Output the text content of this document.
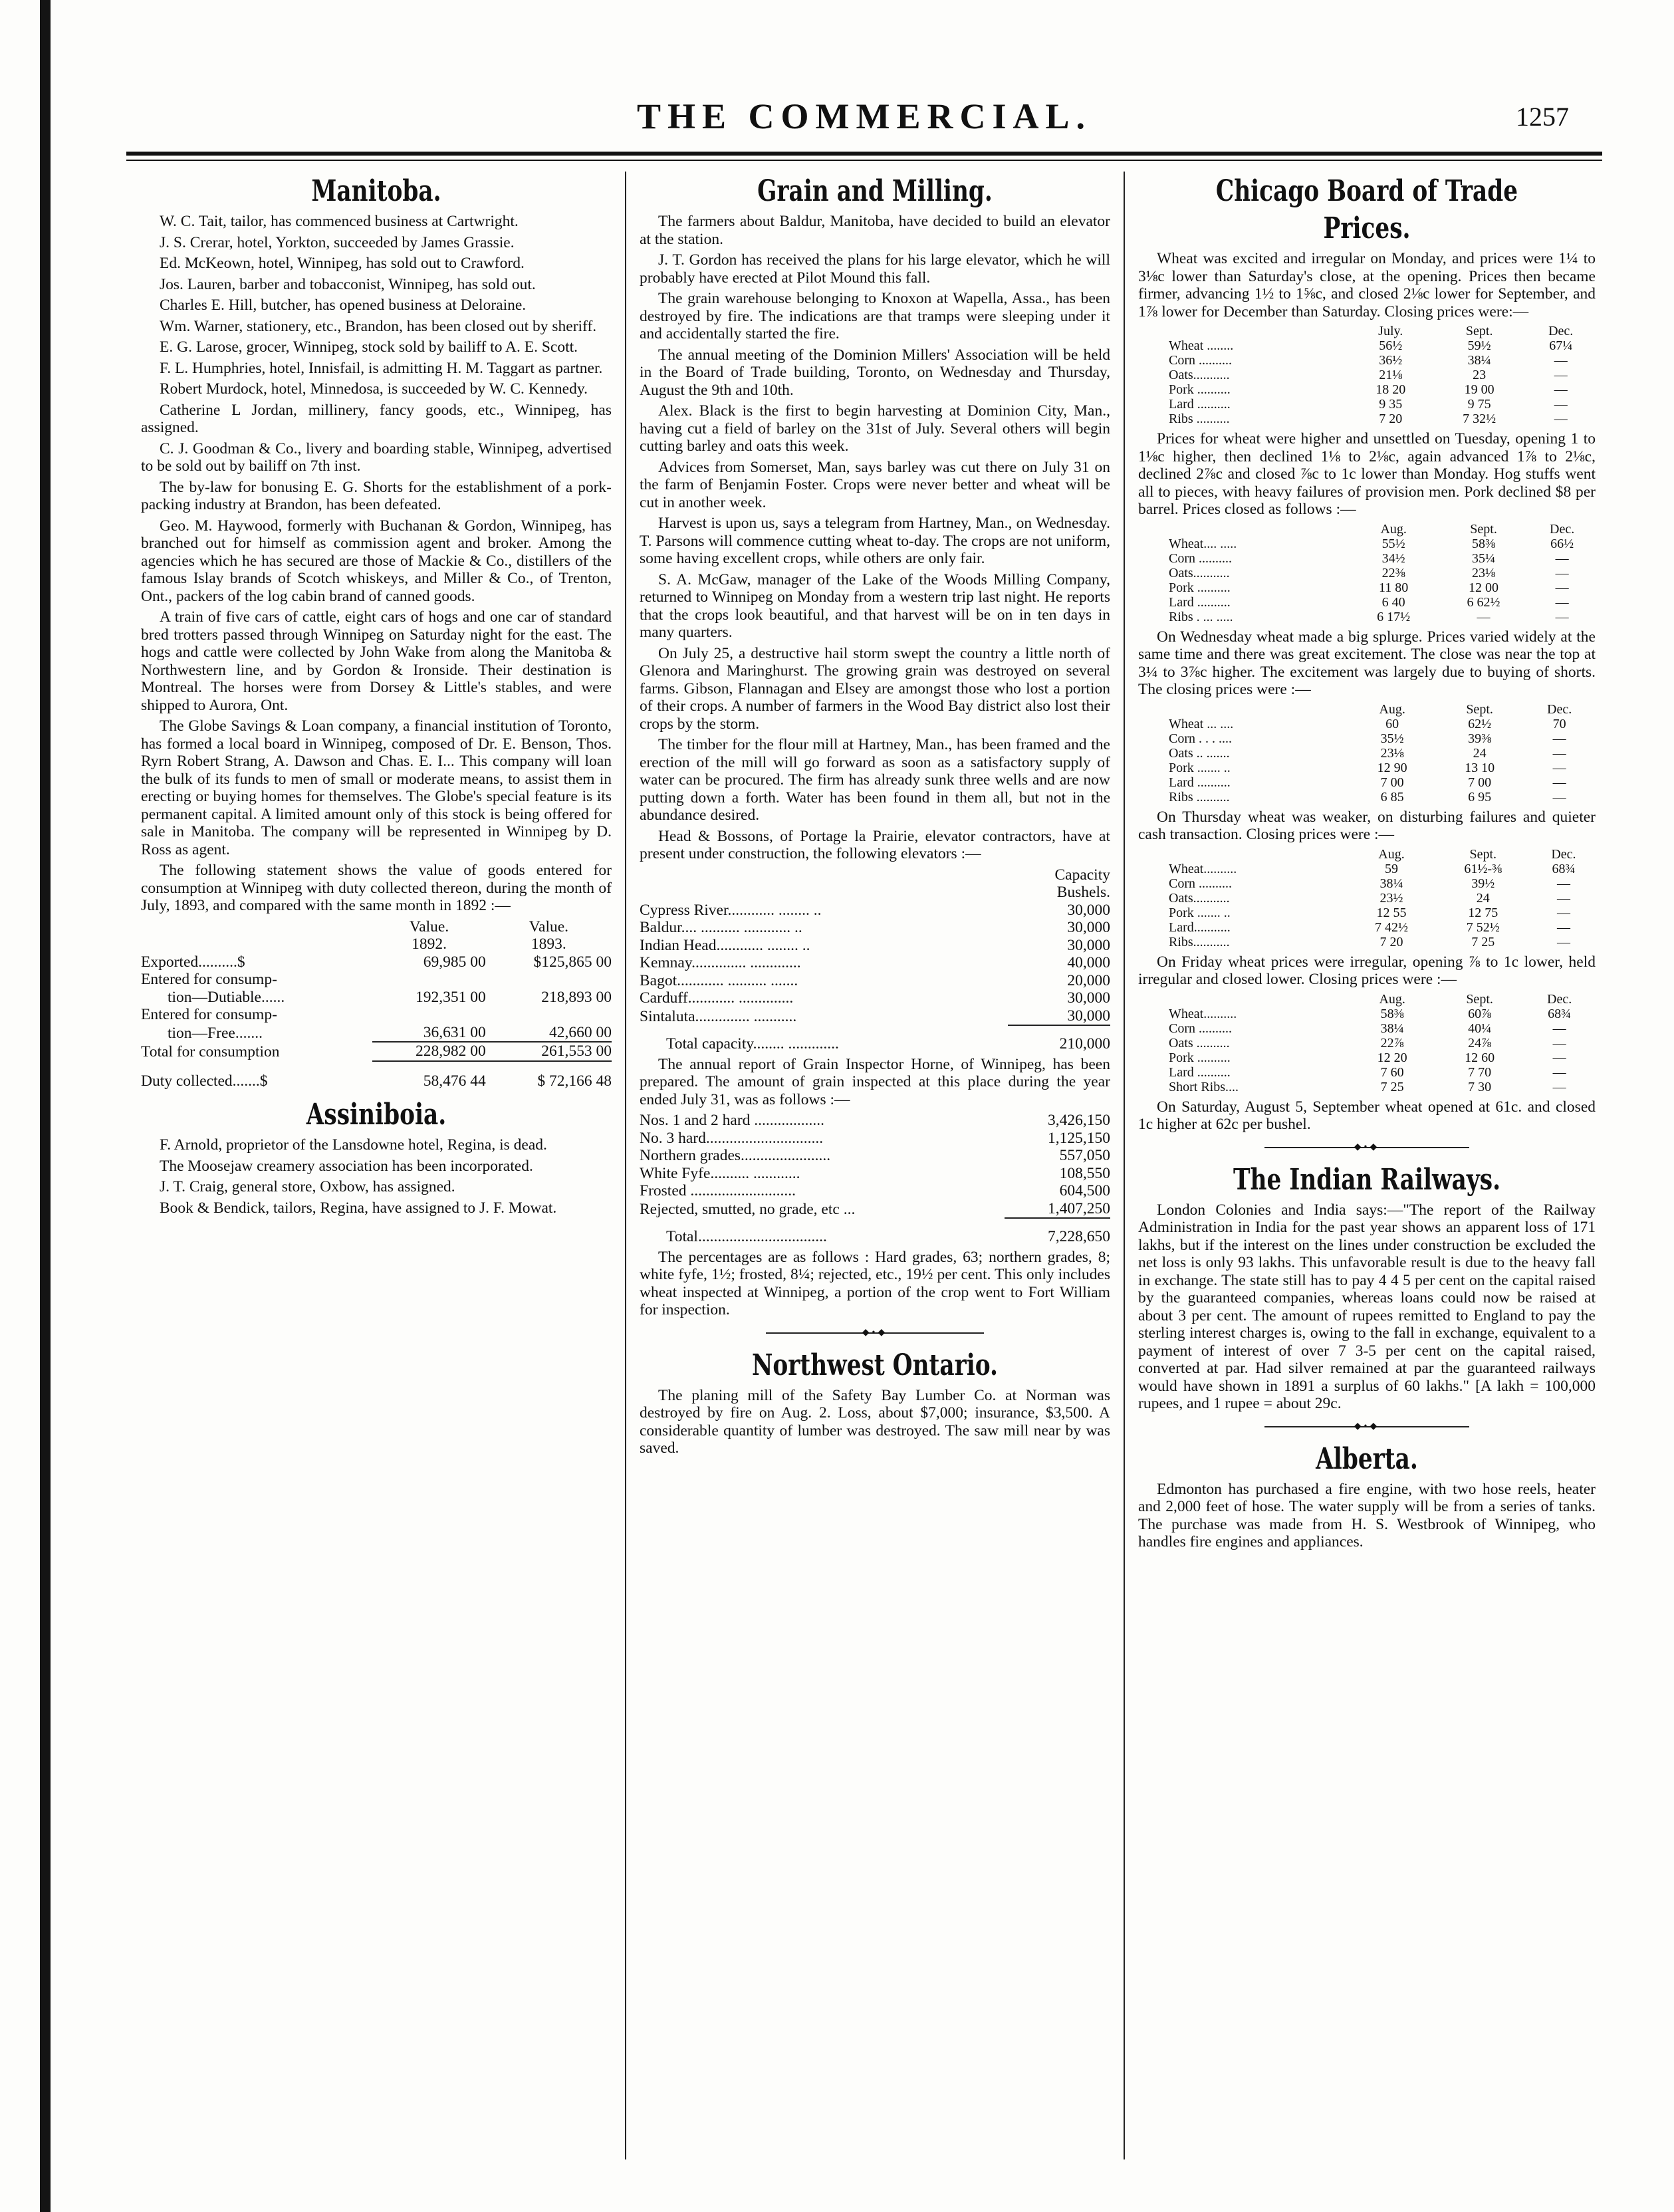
THE COMMERCIAL.	1257
Manitoba.

W. C. Tait, tailor, has commenced business at Cartwright.

J. S. Crerar, hotel, Yorkton, succeeded by James Grassie.

Ed. McKeown, hotel, Winnipeg, has sold out to Crawford.

Jos. Lauren, barber and tobacconist, Winnipeg, has sold out.

Charles E. Hill, butcher, has opened business at Deloraine.

Wm. Warner, stationery, etc., Brandon, has been closed out by sheriff.

E. G. Larose, grocer, Winnipeg, stock sold by bailiff to A. E. Scott.

F. L. Humphries, hotel, Innisfail, is admitting H. M. Taggart as partner.

Robert Murdock, hotel, Minnedosa, is succeeded by W. C. Kennedy.

Catherine L Jordan, millinery, fancy goods, etc., Winnipeg, has assigned.

C. J. Goodman & Co., livery and boarding stable, Winnipeg, advertised to be sold out by bailiff on 7th inst.

The by-law for bonusing E. G. Shorts for the establishment of a pork-packing industry at Brandon, has been defeated.

Geo. M. Haywood, formerly with Buchanan & Gordon, Winnipeg, has branched out for himself as commission agent and broker. Among the agencies which he has secured are those of Mackie & Co., distillers of the famous Islay brands of Scotch whiskeys, and Miller & Co., of Trenton, Ont., packers of the log cabin brand of canned goods.

A train of five cars of cattle, eight cars of hogs and one car of standard bred trotters passed through Winnipeg on Saturday night for the east. The hogs and cattle were collected by John Wake from along the Manitoba & Northwestern line, and by Gordon & Ironside. Their destination is Montreal. The horses were from Dorsey & Little's stables, and were shipped to Aurora, Ont.

The Globe Savings & Loan company, a financial institution of Toronto, has formed a local board in Winnipeg, composed of Dr. E. Benson, Thos. Ryrn Robert Strang, A. Dawson and Chas. E. I... This company will loan the bulk of its funds to men of small or moderate means, to assist them in erecting or buying homes for themselves. The Globe's special feature is its permanent capital. A limited amount only of this stock is being offered for sale in Manitoba. The company will be represented in Winnipeg by D. Ross as agent.

The following statement shows the value of goods entered for consumption at Winnipeg with duty collected thereon, during the month of July, 1893, and compared with the same month in 1892 :—

	Value.	Value.
	1892.	1893.
Exported..........$	69,985 00	$125,865 00
Entered for consump-		
tion—Dutiable......	192,351 00	218,893 00
Entered for consump-		
tion—Free.......	36,631 00	42,660 00
Total for consumption	228,982 00	261,553 00
Duty collected.......$	58,476 44	$ 72,166 48
Assiniboia.

F. Arnold, proprietor of the Lansdowne hotel, Regina, is dead.

The Moosejaw creamery association has been incorporated.

J. T. Craig, general store, Oxbow, has assigned.

Book & Bendick, tailors, Regina, have assigned to J. F. Mowat.

Grain and Milling.

The farmers about Baldur, Manitoba, have decided to build an elevator at the station.

J. T. Gordon has received the plans for his large elevator, which he will probably have erected at Pilot Mound this fall.

The grain warehouse belonging to Knoxon at Wapella, Assa., has been destroyed by fire. The indications are that tramps were sleeping under it and accidentally started the fire.

The annual meeting of the Dominion Millers' Association will be held in the Board of Trade building, Toronto, on Wednesday and Thursday, August the 9th and 10th.

Alex. Black is the first to begin harvesting at Dominion City, Man., having cut a field of barley on the 31st of July. Several others will begin cutting barley and oats this week.

Advices from Somerset, Man, says barley was cut there on July 31 on the farm of Benjamin Foster. Crops were never better and wheat will be cut in another week.

Harvest is upon us, says a telegram from Hartney, Man., on Wednesday. T. Parsons will commence cutting wheat to-day. The crops are not uniform, some having excellent crops, while others are only fair.

S. A. McGaw, manager of the Lake of the Woods Milling Company, returned to Winnipeg on Monday from a western trip last night. He reports that the crops look beautiful, and that harvest will be on in ten days in many quarters.

On July 25, a destructive hail storm swept the country a little north of Glenora and Maringhurst. The growing grain was destroyed on several farms. Gibson, Flannagan and Elsey are amongst those who lost a portion of their crops. A number of farmers in the Wood Bay district also lost their crops by the storm.

The timber for the flour mill at Hartney, Man., has been framed and the erection of the mill will go forward as soon as a satisfactory supply of water can be procured. The firm has already sunk three wells and are now putting down a forth. Water has been found in them all, but not in the abundance desired.

Head & Bossons, of Portage la Prairie, elevator contractors, have at present under construction, the following elevators :—

	Capacity
	Bushels.
Cypress River............ ........ ..	30,000
Baldur.... .......... ............ ..	30,000
Indian Head............ ........ ..	30,000
Kemnay.............. .............	40,000
Bagot............ .......... .......	20,000
Carduff............ ..............	30,000
Sintaluta.............. ...........	30,000
Total capacity........ .............	210,000

The annual report of Grain Inspector Horne, of Winnipeg, has been prepared. The amount of grain inspected at this place during the year ended July 31, was as follows :—

Nos. 1 and 2 hard ..................	3,426,150
No. 3 hard..............................	1,125,150
Northern grades.......................	557,050
White Fyfe.......... ............	108,550
Frosted ...........................	604,500
Rejected, smutted, no grade, etc ...	1,407,250
Total.................................	7,228,650

The percentages are as follows : Hard grades, 63; northern grades, 8; white fyfe, 1½; frosted, 8¼; rejected, etc., 19½ per cent. This only includes wheat inspected at Winnipeg, a portion of the crop went to Fort William for inspection.

◆•◆
Northwest Ontario.

The planing mill of the Safety Bay Lumber Co. at Norman was destroyed by fire on Aug. 2. Loss, about $7,000; insurance, $3,500. A considerable quantity of lumber was destroyed. The saw mill near by was saved.

Chicago Board of Trade Prices.

Wheat was excited and irregular on Monday, and prices were 1¼ to 3⅛c lower than Saturday's close, at the opening. Prices then became firmer, advancing 1½ to 1⅝c, and closed 2⅛c lower for September, and 1⅞ lower for December than Saturday. Closing prices were:—

	July.	Sept.	Dec.
Wheat ........	56½	59½	67¼
Corn ..........	36½	38¼	—
Oats...........	21⅛	23	—
Pork ..........	18 20	19 00	—
Lard ..........	9 35	9 75	—
Ribs ..........	7 20	7 32½	—

Prices for wheat were higher and unsettled on Tuesday, opening 1 to 1⅛c higher, then declined 1⅛ to 2⅛c, again advanced 1⅞ to 2⅛c, declined 2⅞c and closed ⅞c to 1c lower than Monday. Hog stuffs went all to pieces, with heavy failures of provision men. Pork declined $8 per barrel. Prices closed as follows :—

	Aug.	Sept.	Dec.
Wheat.... .....	55½	58⅜	66½
Corn ..........	34½	35¼	—
Oats...........	22⅜	23⅛	—
Pork ..........	11 80	12 00	—
Lard ..........	6 40	6 62½	—
Ribs . ... .....	6 17½	—	—

On Wednesday wheat made a big splurge. Prices varied widely at the same time and there was great excitement. The close was near the top at 3¼ to 3⅞c higher. The excitement was largely due to buying of shorts. The closing prices were :—

	Aug.	Sept.	Dec.
Wheat ... ....	60	62½	70
Corn . . . ....	35½	39⅜	—
Oats .. .......	23⅛	24	—
Pork ....... ..	12 90	13 10	—
Lard ..........	7 00	7 00	—
Ribs ..........	6 85	6 95	—

On Thursday wheat was weaker, on disturbing failures and quieter cash transaction. Closing prices were :—

	Aug.	Sept.	Dec.
Wheat..........	59	61½-⅜	68¾
Corn ..........	38¼	39½	—
Oats...........	23½	24	—
Pork ....... ..	12 55	12 75	—
Lard...........	7 42½	7 52½	—
Ribs...........	7 20	7 25	—

On Friday wheat prices were irregular, opening ⅞ to 1c lower, held irregular and closed lower. Closing prices were :—

	Aug.	Sept.	Dec.
Wheat..........	58⅜	60⅞	68¾
Corn ..........	38¼	40¼	—
Oats ..........	22⅞	24⅞	—
Pork ..........	12 20	12 60	—
Lard ..........	7 60	7 70	—
Short Ribs....	7 25	7 30	—

On Saturday, August 5, September wheat opened at 61c. and closed 1c higher at 62c per bushel.

◆•◆
The Indian Railways.

London Colonies and India says:—"The report of the Railway Administration in India for the past year shows an apparent loss of 171 lakhs, but if the interest on the lines under construction be excluded the net loss is only 93 lakhs. This unfavorable result is due to the heavy fall in exchange. The state still has to pay 4 4 5 per cent on the capital raised by the guaranteed companies, whereas loans could now be raised at about 3 per cent. The amount of rupees remitted to England to pay the sterling interest charges is, owing to the fall in exchange, equivalent to a payment of interest of over 7 3-5 per cent on the capital raised, converted at par. Had silver remained at par the guaranteed railways would have shown in 1891 a surplus of 60 lakhs." [A lakh = 100,000 rupees, and 1 rupee = about 29c.

◆•◆
Alberta.

Edmonton has purchased a fire engine, with two hose reels, heater and 2,000 feet of hose. The water supply will be from a series of tanks. The purchase was made from H. S. Westbrook of Winnipeg, who handles fire engines and appliances.
